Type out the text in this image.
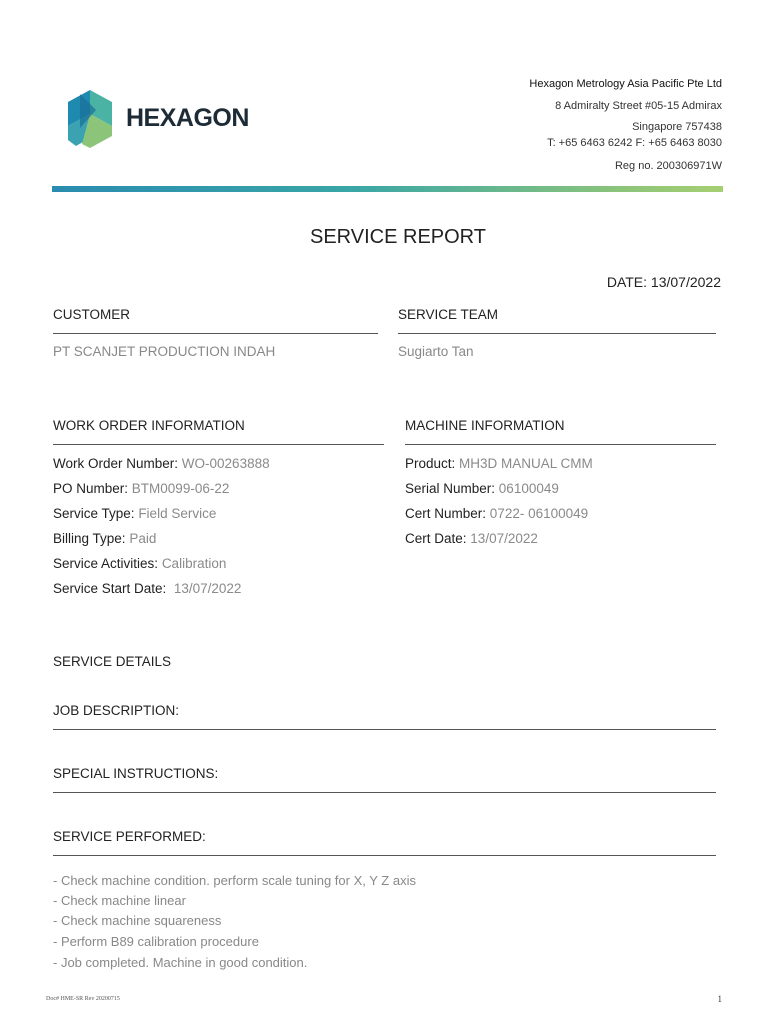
HEXAGON
Hexagon Metrology Asia Pacific Pte Ltd
8 Admiralty Street #05-15 Admirax
Singapore 757438
T: +65 6463 6242 F: +65 6463 8030
Reg no. 200306971W
SERVICE REPORT
DATE: 13/07/2022
CUSTOMER
PT SCANJET PRODUCTION INDAH
SERVICE TEAM
Sugiarto Tan
WORK ORDER INFORMATION
Work Order Number: WO-00263888
PO Number: BTM0099-06-22
Service Type: Field Service
Billing Type: Paid
Service Activities: Calibration
Service Start Date: 13/07/2022
MACHINE INFORMATION
Product: MH3D MANUAL CMM
Serial Number: 06100049
Cert Number: 0722- 06100049
Cert Date: 13/07/2022
SERVICE DETAILS
JOB DESCRIPTION:
SPECIAL INSTRUCTIONS:
SERVICE PERFORMED:
- Check machine condition. perform scale tuning for X, Y Z axis
- Check machine linear
- Check machine squareness
- Perform B89 calibration procedure
- Job completed. Machine in good condition.
Doc# HME-SR Rev 20200715	1
